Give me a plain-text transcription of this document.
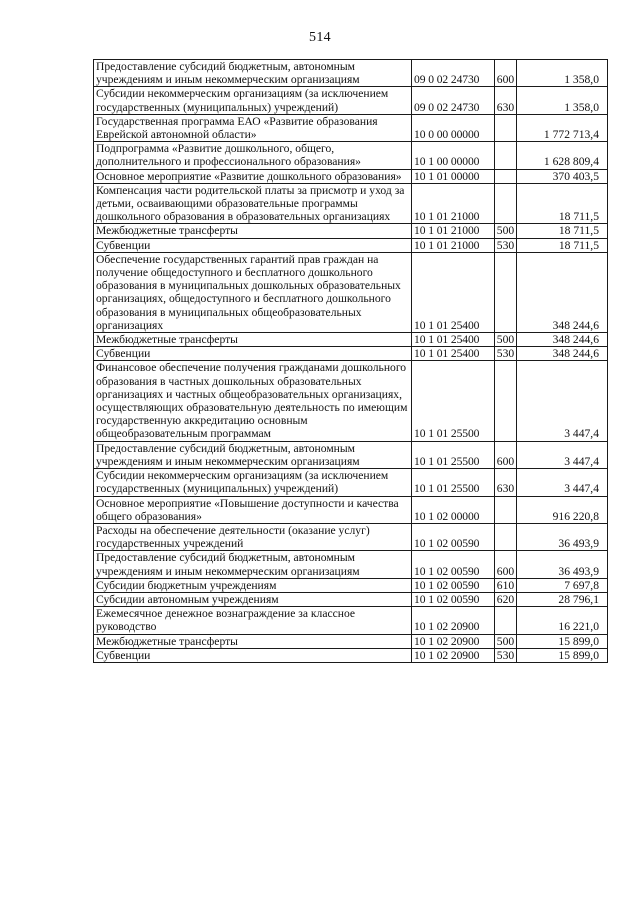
514
Предоставление субсидий бюджетным, автономным учреждениям и иным некоммерческим организациям	09 0 02 24730	600	1 358,0
Субсидии некоммерческим организациям (за исключением государственных (муниципальных) учреждений)	09 0 02 24730	630	1 358,0
Государственная программа ЕАО «Развитие образования Еврейской автономной области»	10 0 00 00000		1 772 713,4
Подпрограмма «Развитие дошкольного, общего, дополнительного и профессионального образования»	10 1 00 00000		1 628 809,4
Основное мероприятие «Развитие дошкольного образования»	10 1 01 00000		370 403,5
Компенсация части родительской платы за присмотр и уход за детьми, осваивающими образовательные программы дошкольного образования в образовательных организациях	10 1 01 21000		18 711,5
Межбюджетные трансферты	10 1 01 21000	500	18 711,5
Субвенции	10 1 01 21000	530	18 711,5
Обеспечение государственных гарантий прав граждан на получение общедоступного и бесплатного дошкольного образования в муниципальных дошкольных образовательных организациях, общедоступного и бесплатного дошкольного образования в муниципальных общеобразовательных организациях	10 1 01 25400		348 244,6
Межбюджетные трансферты	10 1 01 25400	500	348 244,6
Субвенции	10 1 01 25400	530	348 244,6
Финансовое обеспечение получения гражданами дошкольного образования в частных дошкольных образовательных организациях и частных общеобразовательных организациях, осуществляющих образовательную деятельность по имеющим государственную аккредитацию основным общеобразовательным программам	10 1 01 25500		3 447,4
Предоставление субсидий бюджетным, автономным учреждениям и иным некоммерческим организациям	10 1 01 25500	600	3 447,4
Субсидии некоммерческим организациям (за исключением государственных (муниципальных) учреждений)	10 1 01 25500	630	3 447,4
Основное мероприятие «Повышение доступности и качества общего образования»	10 1 02 00000		916 220,8
Расходы на обеспечение деятельности (оказание услуг) государственных учреждений	10 1 02 00590		36 493,9
Предоставление субсидий бюджетным, автономным учреждениям и иным некоммерческим организациям	10 1 02 00590	600	36 493,9
Субсидии бюджетным учреждениям	10 1 02 00590	610	7 697,8
Субсидии автономным учреждениям	10 1 02 00590	620	28 796,1
Ежемесячное денежное вознаграждение за классное руководство	10 1 02 20900		16 221,0
Межбюджетные трансферты	10 1 02 20900	500	15 899,0
Субвенции	10 1 02 20900	530	15 899,0
